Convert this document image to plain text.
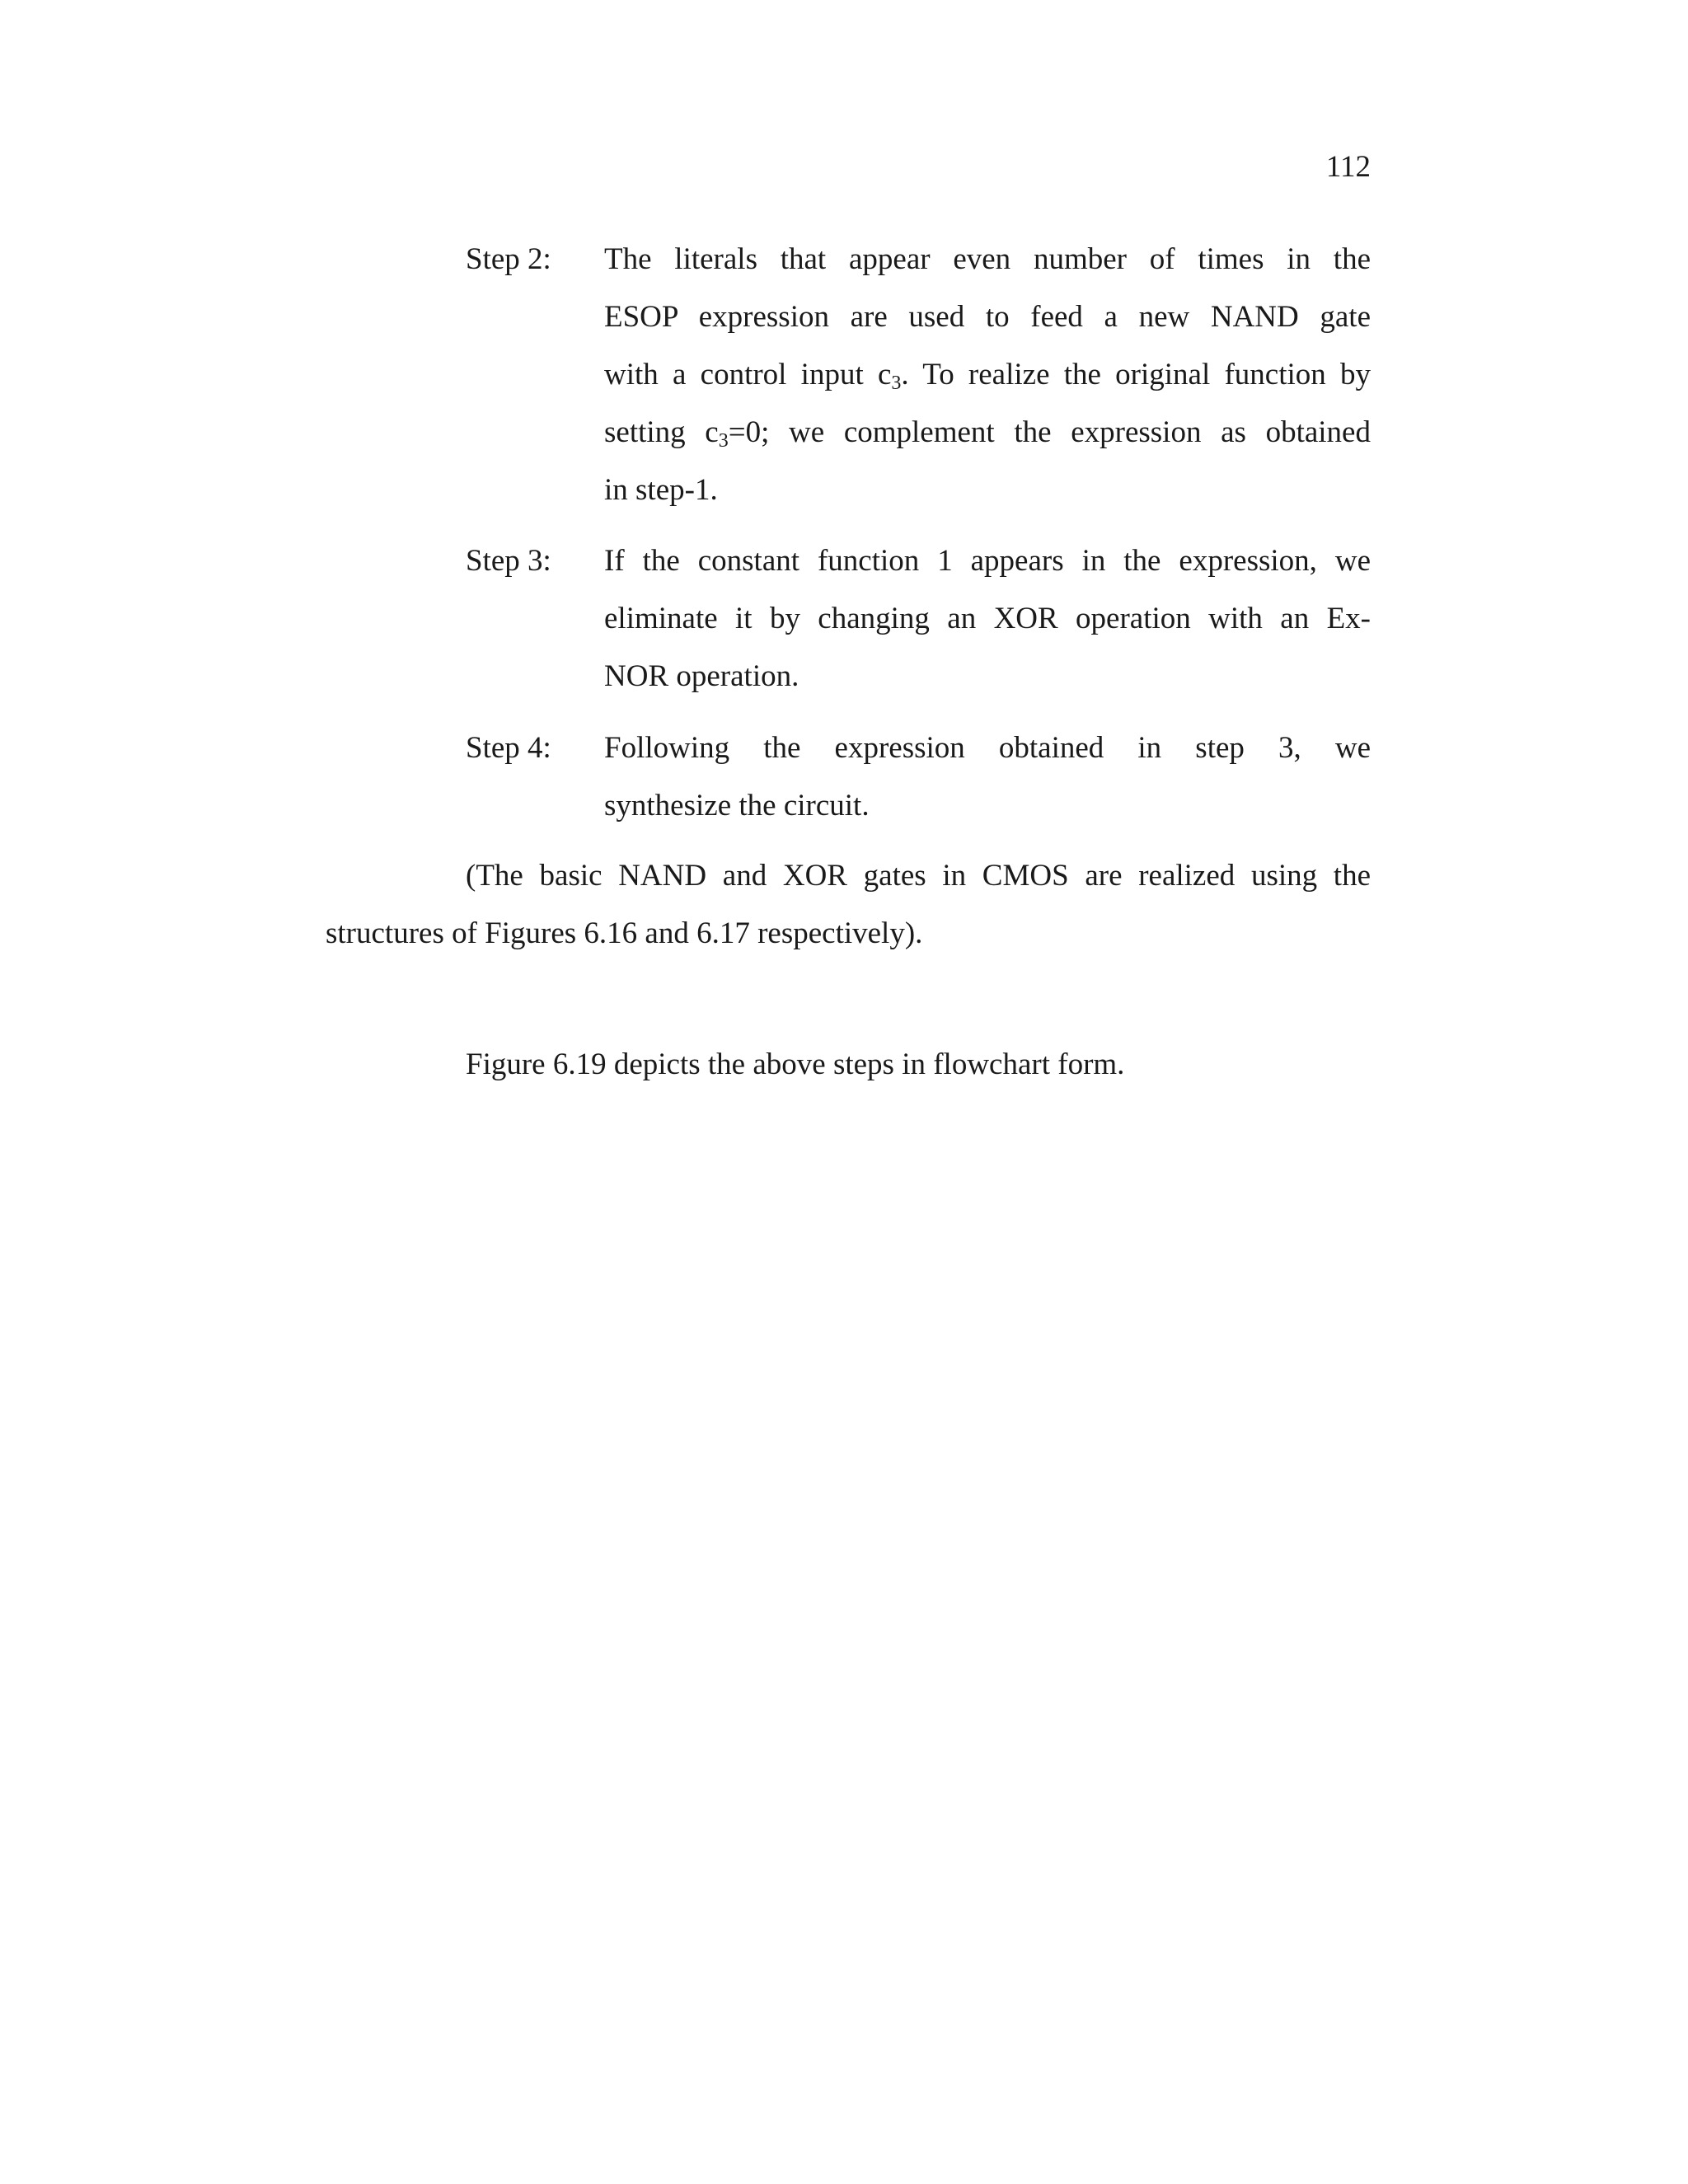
112
Step 2: The literals that appear even number of times in the
ESOP expression are used to feed a new NAND gate
with a control input $c_3$. To realize the original function by
setting $c_3=0$; we complement the expression as obtained
in step-1.
Step 3: If the constant function 1 appears in the expression, we
eliminate it by changing an XOR operation with an Ex-
NOR operation.
Step 4: Following the expression obtained in step 3, we
synthesize the circuit.
(The basic NAND and XOR gates in CMOS are realized using the
structures of Figures 6.16 and 6.17 respectively).
Figure 6.19 depicts the above steps in flowchart form.
